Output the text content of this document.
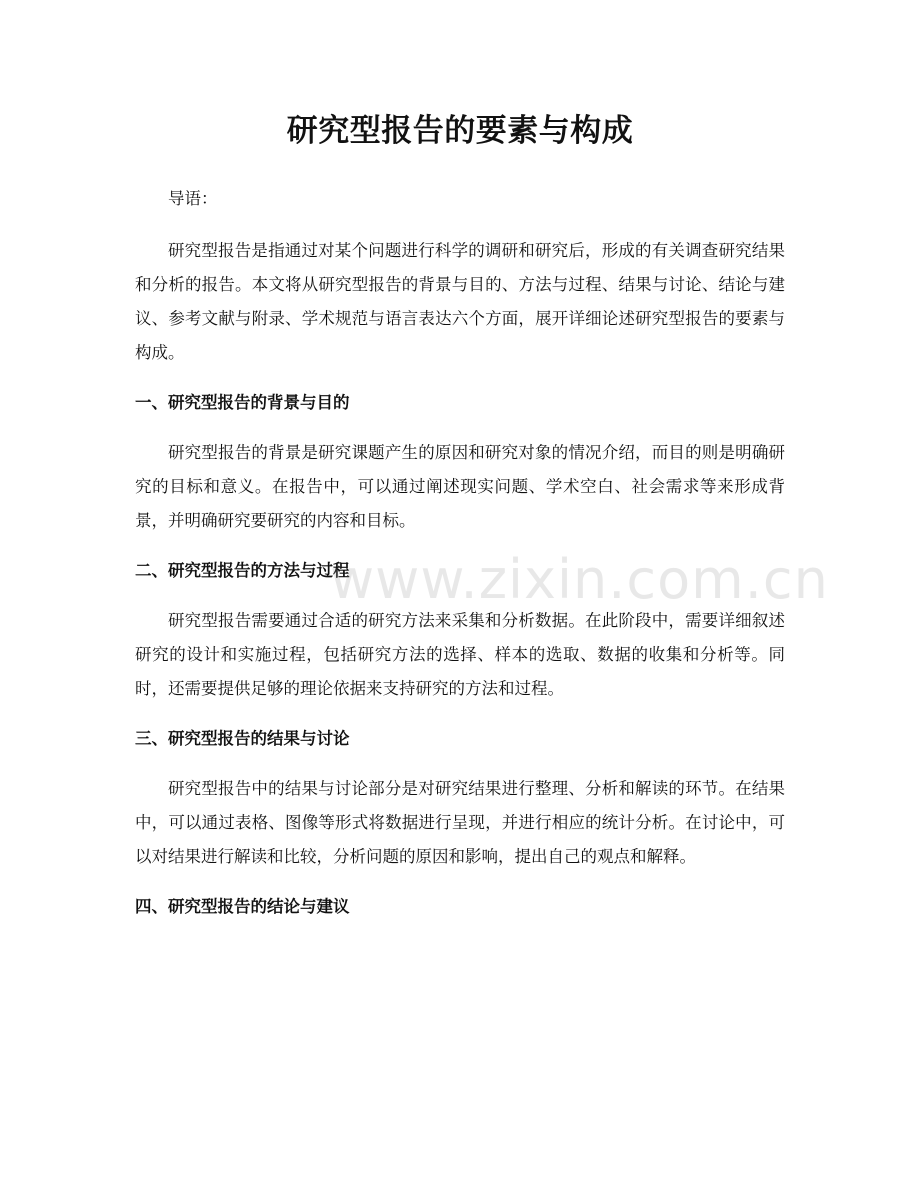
研究型报告的要素与构成

导语：

研究型报告是指通过对某个问题进行科学的调研和研究后，形成的有关调查研究结果和分析的报告。本文将从研究型报告的背景与目的、方法与过程、结果与讨论、结论与建议、参考文献与附录、学术规范与语言表达六个方面，展开详细论述研究型报告的要素与构成。

一、研究型报告的背景与目的

研究型报告的背景是研究课题产生的原因和研究对象的情况介绍，而目的则是明确研究的目标和意义。在报告中，可以通过阐述现实问题、学术空白、社会需求等来形成背景，并明确研究要研究的内容和目标。

二、研究型报告的方法与过程

研究型报告需要通过合适的研究方法来采集和分析数据。在此阶段中，需要详细叙述研究的设计和实施过程，包括研究方法的选择、样本的选取、数据的收集和分析等。同时，还需要提供足够的理论依据来支持研究的方法和过程。

三、研究型报告的结果与讨论

研究型报告中的结果与讨论部分是对研究结果进行整理、分析和解读的环节。在结果中，可以通过表格、图像等形式将数据进行呈现，并进行相应的统计分析。在讨论中，可以对结果进行解读和比较，分析问题的原因和影响，提出自己的观点和解释。

四、研究型报告的结论与建议
www.zixin.com.cn
